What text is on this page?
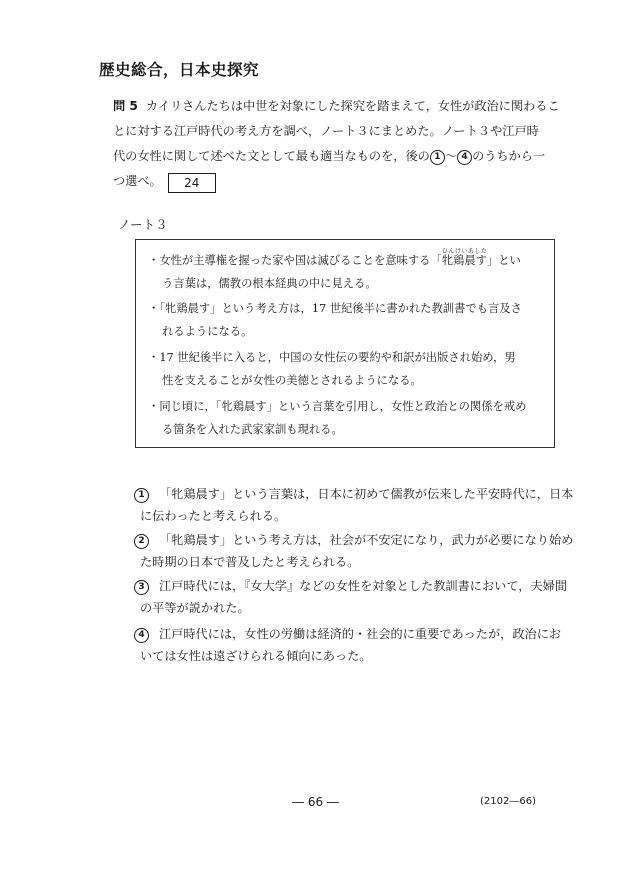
歴史総合，日本史探究
問 5 カイリさんたちは中世を対象にした探究を踏まえて，女性が政治に関わるこ
とに対する江戸時代の考え方を調べ，ノート３にまとめた。ノート３や江戸時
代の女性に関して述べた文として最も適当なものを，後の 1 ～ 4 のうちから一
つ選べ。 24
ノート３
・女性が主導権を握った家や国は滅びることを意味する「牝鶏晨すひんけいあした」とい
う言葉は，儒教の根本経典の中に見える。
・「牝鶏晨す」という考え方は，17 世紀後半に書かれた教訓書でも言及さ
れるようになる。
・17 世紀後半に入ると，中国の女性伝の要約や和訳が出版され始め，男
性を支えることが女性の美徳とされるようになる。
・同じ頃に，「牝鶏晨す」という言葉を引用し，女性と政治との関係を戒め
る箇条を入れた武家家訓も現れる。
1 「牝鶏晨す」という言葉は，日本に初めて儒教が伝来した平安時代に，日本
に伝わったと考えられる。
2 「牝鶏晨す」という考え方は，社会が不安定になり，武力が必要になり始め
た時期の日本で普及したと考えられる。
3 江戸時代には，『女大学』などの女性を対象とした教訓書において，夫婦間
の平等が説かれた。
4 江戸時代には，女性の労働は経済的・社会的に重要であったが，政治にお
いては女性は遠ざけられる傾向にあった。
― 66 ―	(2102―66)
